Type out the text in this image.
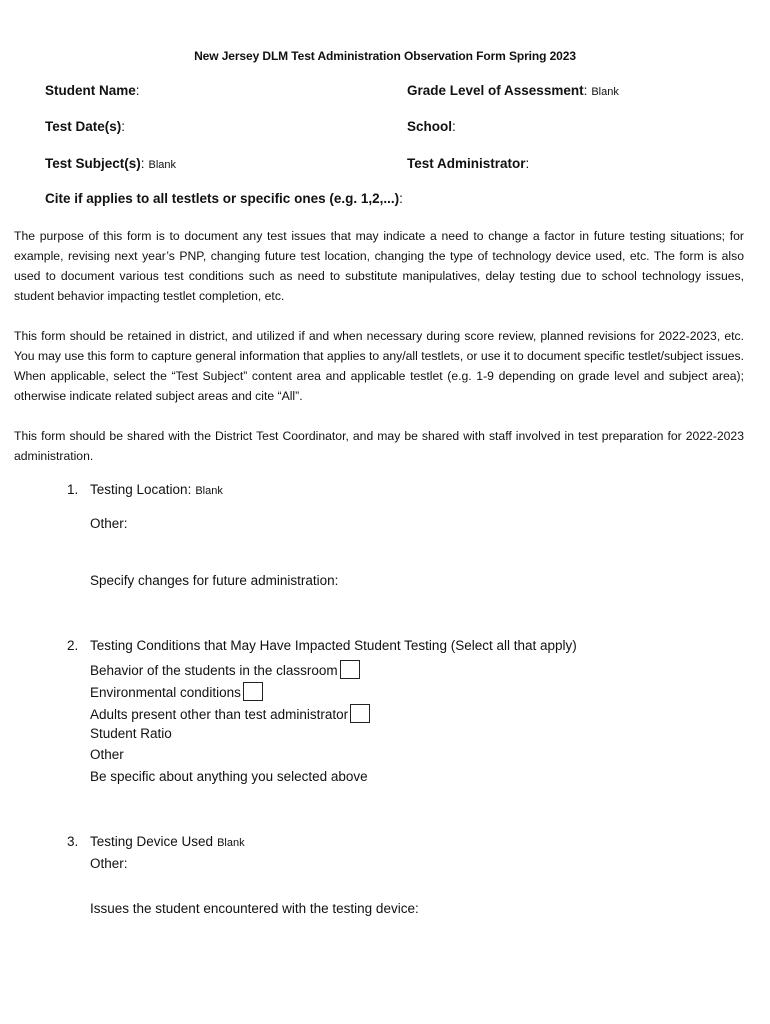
New Jersey DLM Test Administration Observation Form Spring 2023
Student Name:	Grade Level of Assessment: Blank
Test Date(s):	School:
Test Subject(s): Blank	Test Administrator:
Cite if applies to all testlets or specific ones (e.g. 1,2,...):
The purpose of this form is to document any test issues that may indicate a need to change a factor in future testing situations; for example, revising next year’s PNP, changing future test location, changing the type of technology device used, etc. The form is also used to document various test conditions such as need to substitute manipulatives, delay testing due to school technology issues, student behavior impacting testlet completion, etc.
This form should be retained in district, and utilized if and when necessary during score review, planned revisions for 2022-2023, etc. You may use this form to capture general information that applies to any/all testlets, or use it to document specific testlet/subject issues. When applicable, select the “Test Subject” content area and applicable testlet (e.g. 1-9 depending on grade level and subject area); otherwise indicate related subject areas and cite “All”.
This form should be shared with the District Test Coordinator, and may be shared with staff involved in test preparation for 2022-2023 administration.
1. Testing Location: Blank
Other:
Specify changes for future administration:
2. Testing Conditions that May Have Impacted Student Testing (Select all that apply)
Behavior of the students in the classroom
Environmental conditions
Adults present other than test administrator
Student Ratio
Other
Be specific about anything you selected above
3. Testing Device Used Blank
Other:
Issues the student encountered with the testing device:
